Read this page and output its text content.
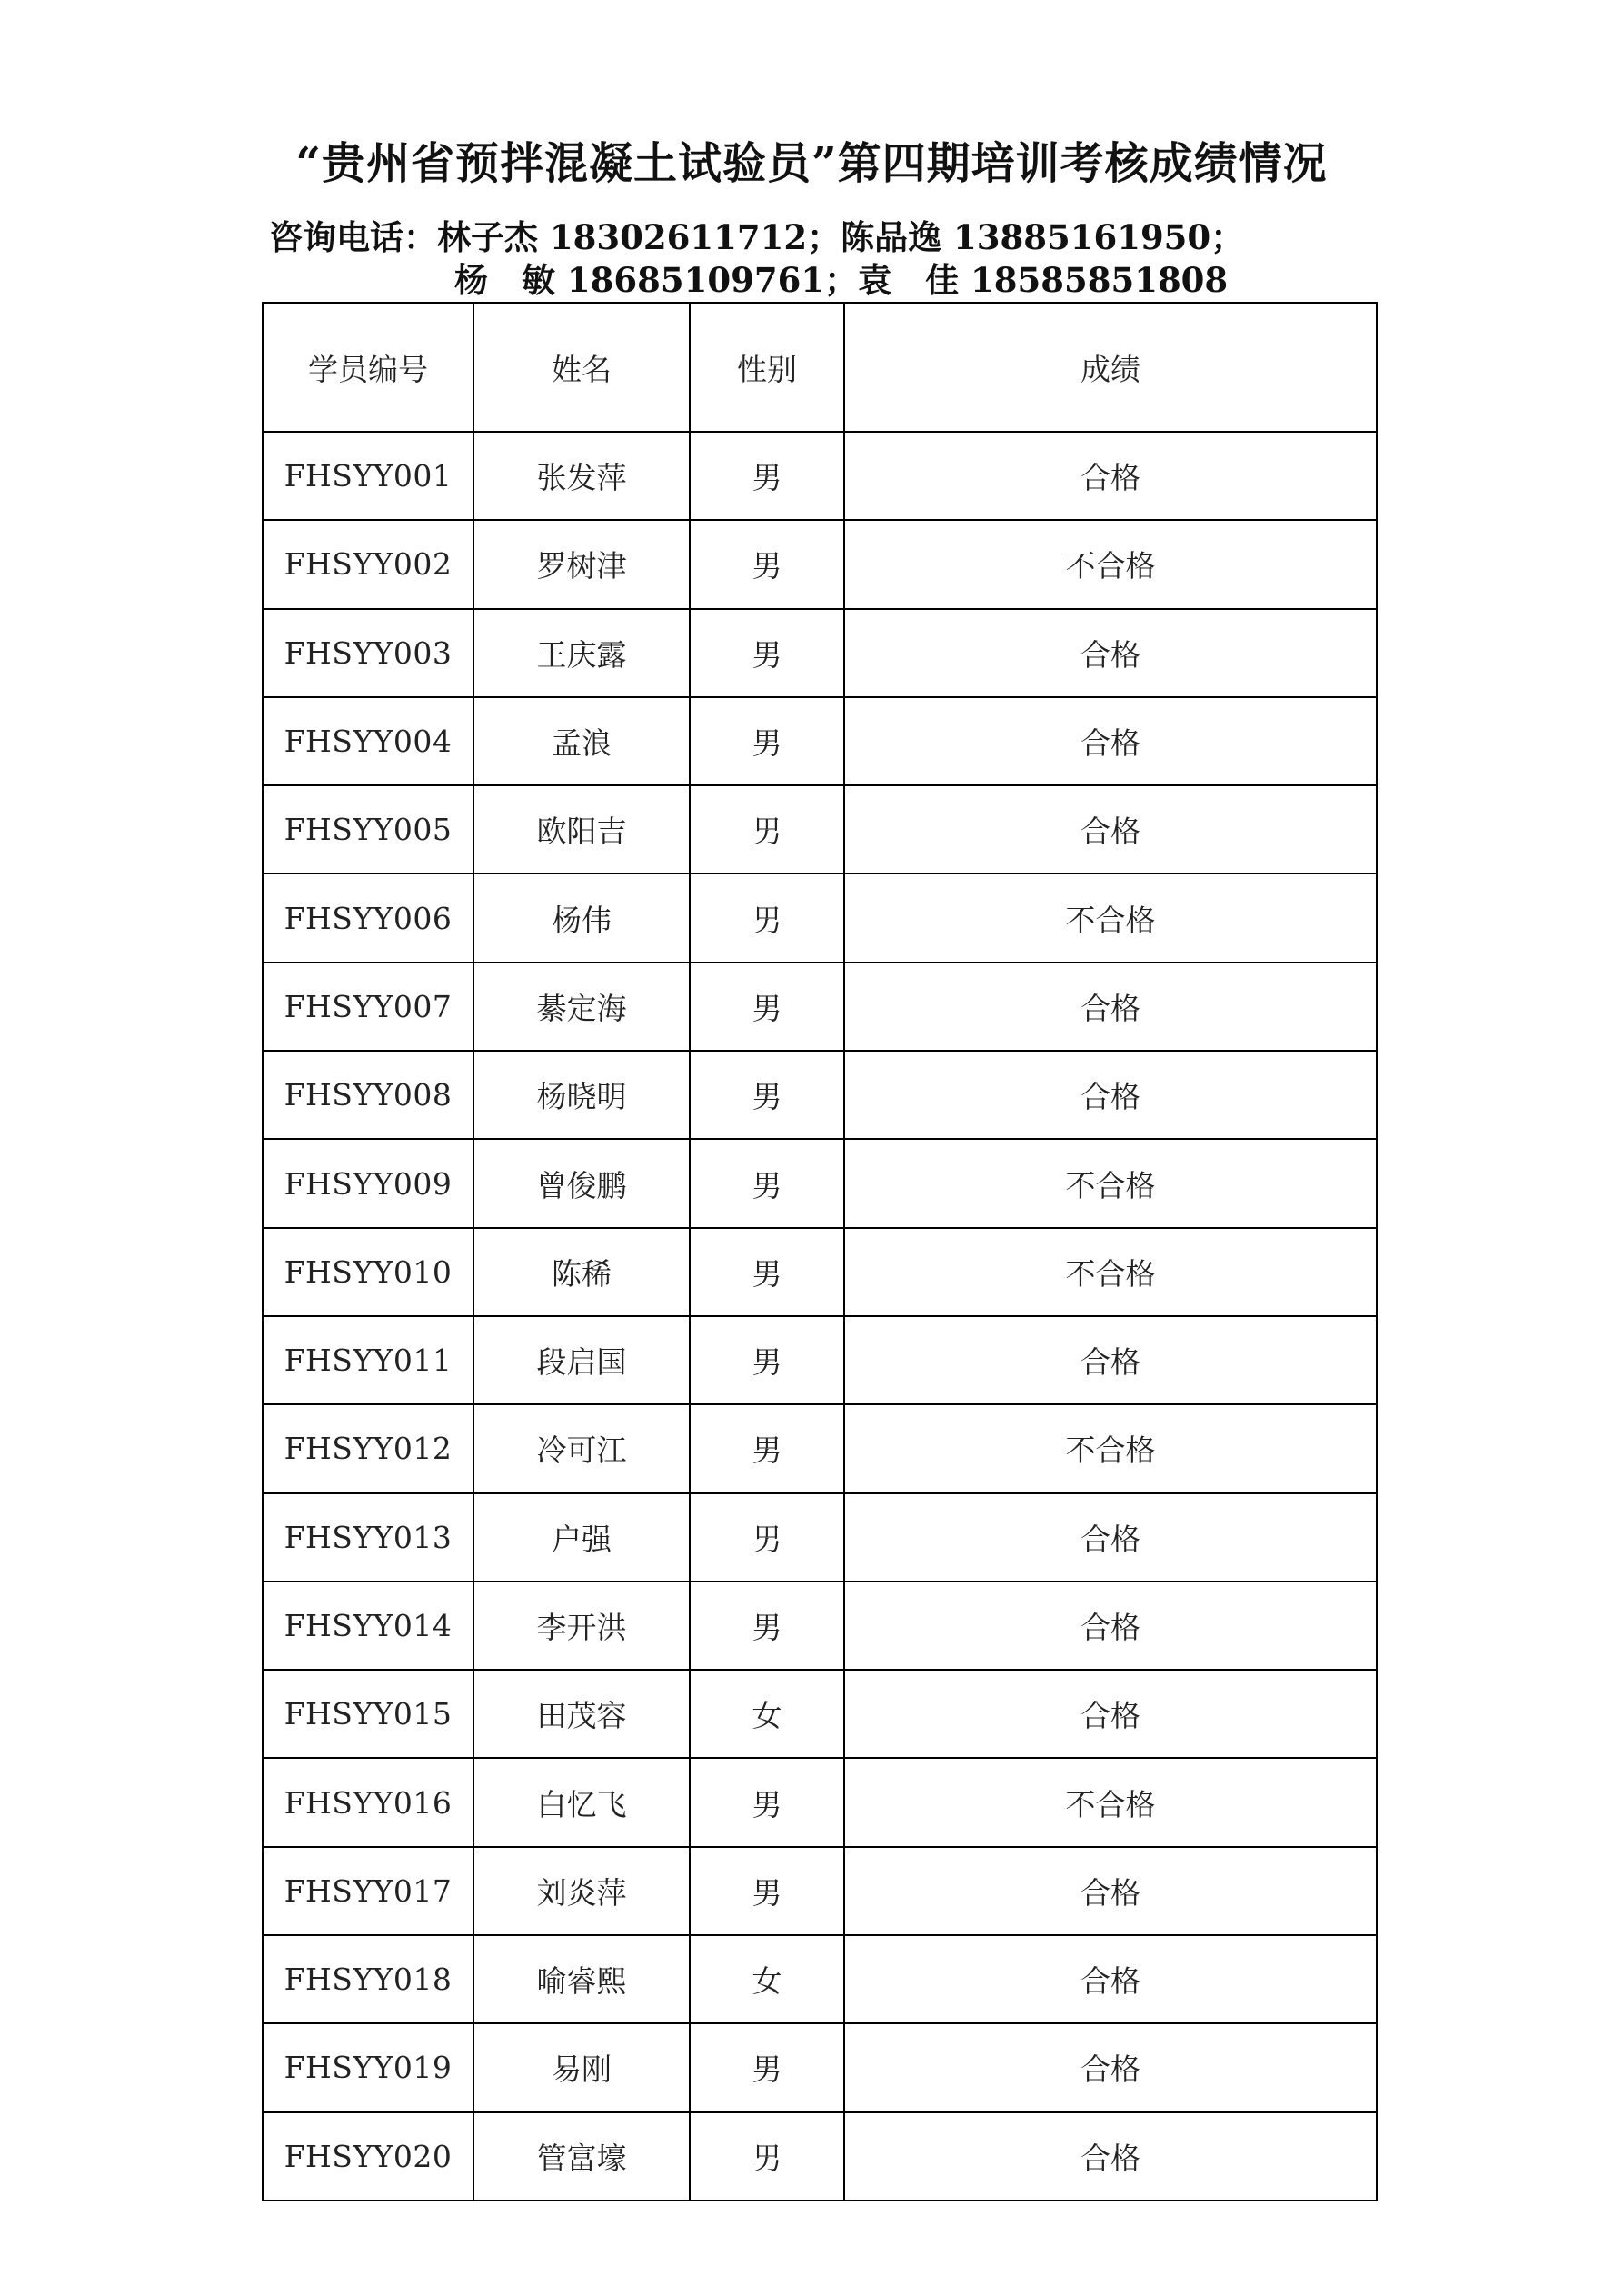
“贵州省预拌混凝土试验员”第四期培训考核成绩情况
咨询电话：林子杰 18302611712；陈品逸 13885161950；
杨　敏 18685109761；袁　佳 18585851808
学员编号	姓名	性别	成绩
FHSYY001	张发萍	男	合格
FHSYY002	罗树津	男	不合格
FHSYY003	王庆露	男	合格
FHSYY004	孟浪	男	合格
FHSYY005	欧阳吉	男	合格
FHSYY006	杨伟	男	不合格
FHSYY007	綦定海	男	合格
FHSYY008	杨晓明	男	合格
FHSYY009	曾俊鹏	男	不合格
FHSYY010	陈稀	男	不合格
FHSYY011	段启国	男	合格
FHSYY012	冷可江	男	不合格
FHSYY013	户强	男	合格
FHSYY014	李开洪	男	合格
FHSYY015	田茂容	女	合格
FHSYY016	白忆飞	男	不合格
FHSYY017	刘炎萍	男	合格
FHSYY018	喻睿熙	女	合格
FHSYY019	易刚	男	合格
FHSYY020	管富壕	男	合格
